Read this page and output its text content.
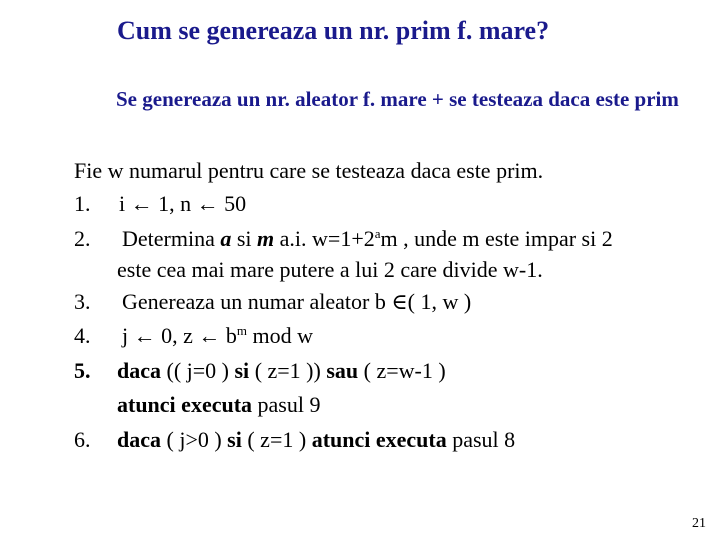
Cum se genereaza un nr. prim f. mare?
Se genereaza un nr. aleator f. mare + se testeaza daca este prim
Fie w numarul pentru care se testeaza daca este prim.
1.	i ← 1, n ← 50
2.	Determina a si m a.i. $w=1+2^am$ , unde m este impar si 2
este cea mai mare putere a lui 2 care divide w-1.
3.	Genereaza un numar aleator b ∈( 1, w )
4.	j ← 0, z ← $b^m$ mod w
5.	daca (( j=0 ) si ( z=1 )) sau ( z=w-1 )
atunci executa pasul 9
6.	daca ( j>0 ) si ( z=1 ) atunci executa pasul 8
21
